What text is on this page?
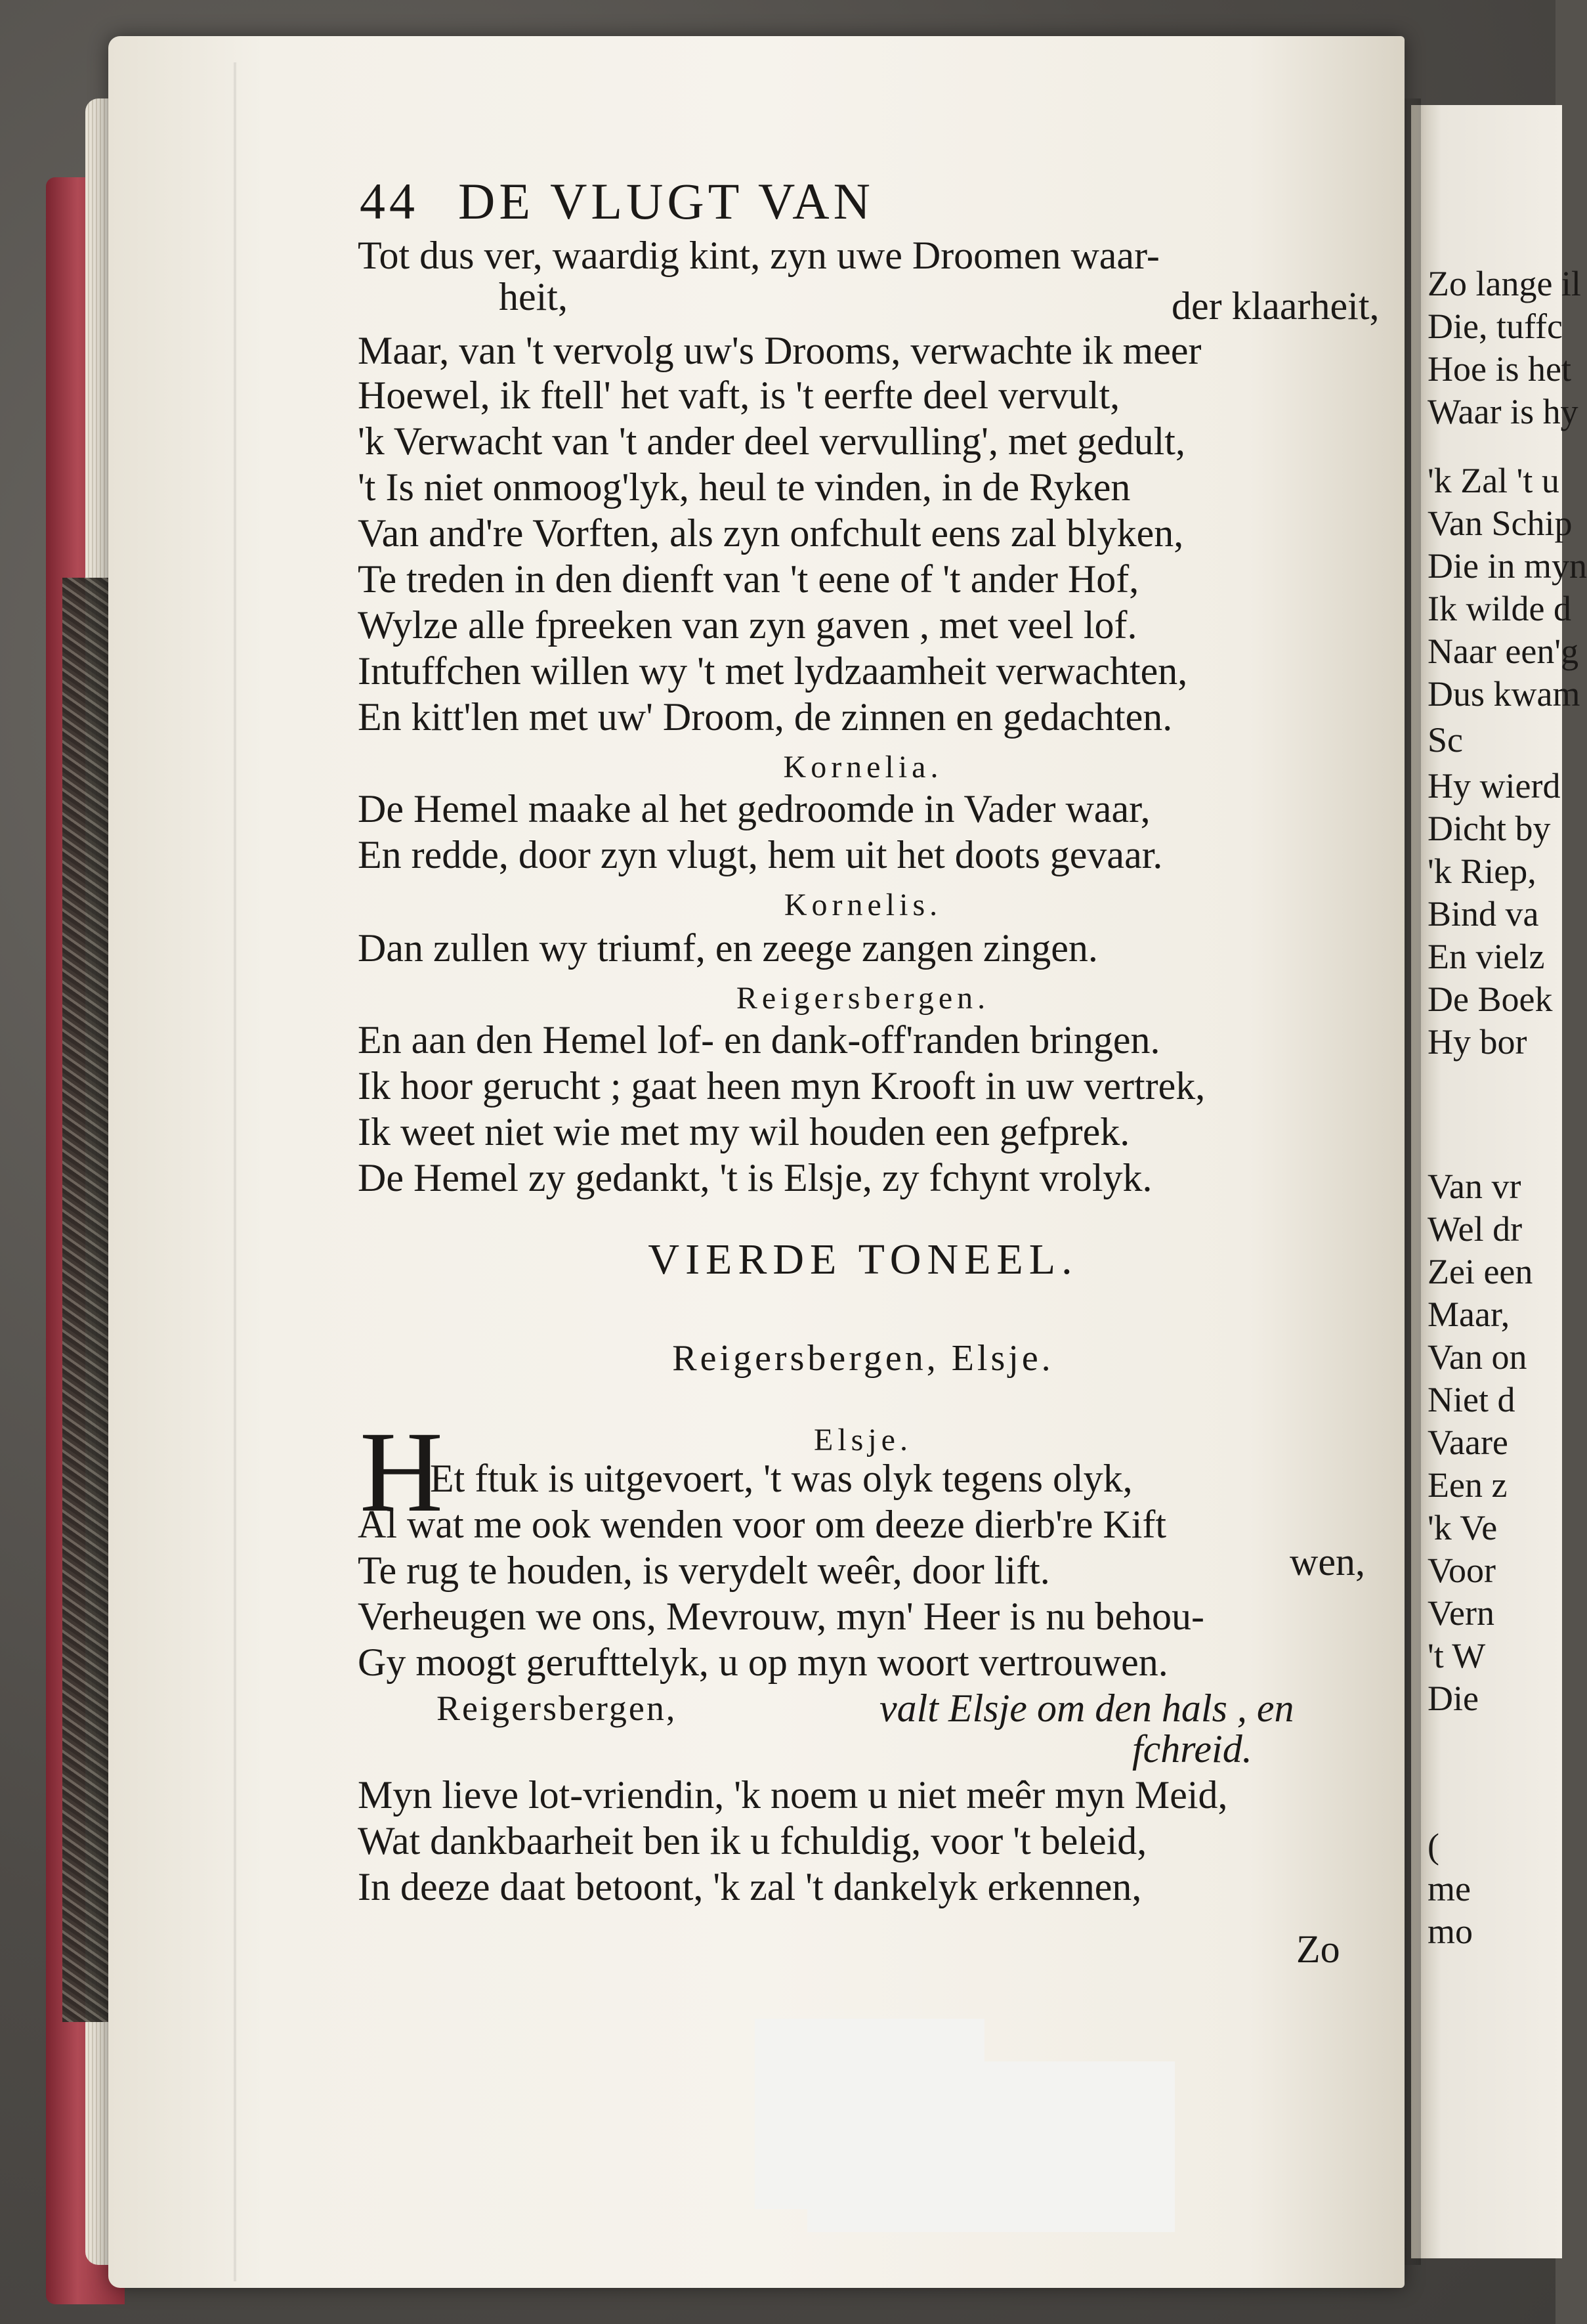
Zo lange il
Die, tuffc
Hoe is het
Waar is hy
'k Zal 't u
Van Schip
Die in myn
Ik wilde d
Naar een'g
Dus kwam
Sc
Hy wierd
Dicht by
'k Riep,
Bind va
En vielz
De Boek
Hy bor
Van vr
Wel dr
Zei een
Maar,
Van on
Niet d
Vaare
Een z
'k Ve
Voor
Vern
't W
Die
(
me
mo
44 DE VLUGT VAN
Tot dus ver, waardig kint, zyn uwe Droomen waar-
heit,	der klaarheit,
Maar, van 't vervolg uw's Drooms, verwachte ik meer
Hoewel, ik ftell' het vaft, is 't eerfte deel vervult,
'k Verwacht van 't ander deel vervulling', met gedult,
't Is niet onmoog'lyk, heul te vinden, in de Ryken
Van and're Vorften, als zyn onfchult eens zal blyken,
Te treden in den dienft van 't eene of 't ander Hof,
Wylze alle fpreeken van zyn gaven , met veel lof.
Intuffchen willen wy 't met lydzaamheit verwachten,
En kitt'len met uw' Droom, de zinnen en gedachten.
Kornelia.
De Hemel maake al het gedroomde in Vader waar,
En redde, door zyn vlugt, hem uit het doots gevaar.
Kornelis.
Dan zullen wy triumf, en zeege zangen zingen.
Reigersbergen.
En aan den Hemel lof- en dank-off'randen bringen.
Ik hoor gerucht ; gaat heen myn Krooft in uw vertrek,
Ik weet niet wie met my wil houden een gefprek.
De Hemel zy gedankt, 't is Elsje, zy fchynt vrolyk.
VIERDE TONEEL.
Reigersbergen, Elsje.
Elsje.
Et ftuk is uitgevoert, 't was olyk tegens olyk,
Al wat me ook wenden voor om deeze dierb're Kift
Te rug te houden, is verydelt weêr, door lift.	wen,
Verheugen we ons, Mevrouw, myn' Heer is nu behou-
Gy moogt gerufttelyk, u op myn woort vertrouwen.
Reigersbergen,	valt Elsje om den hals , en
fchreid.
Myn lieve lot-vriendin, 'k noem u niet meêr myn Meid,
Wat dankbaarheit ben ik u fchuldig, voor 't beleid,
In deeze daat betoont, 'k zal 't dankelyk erkennen,
H
Zo
